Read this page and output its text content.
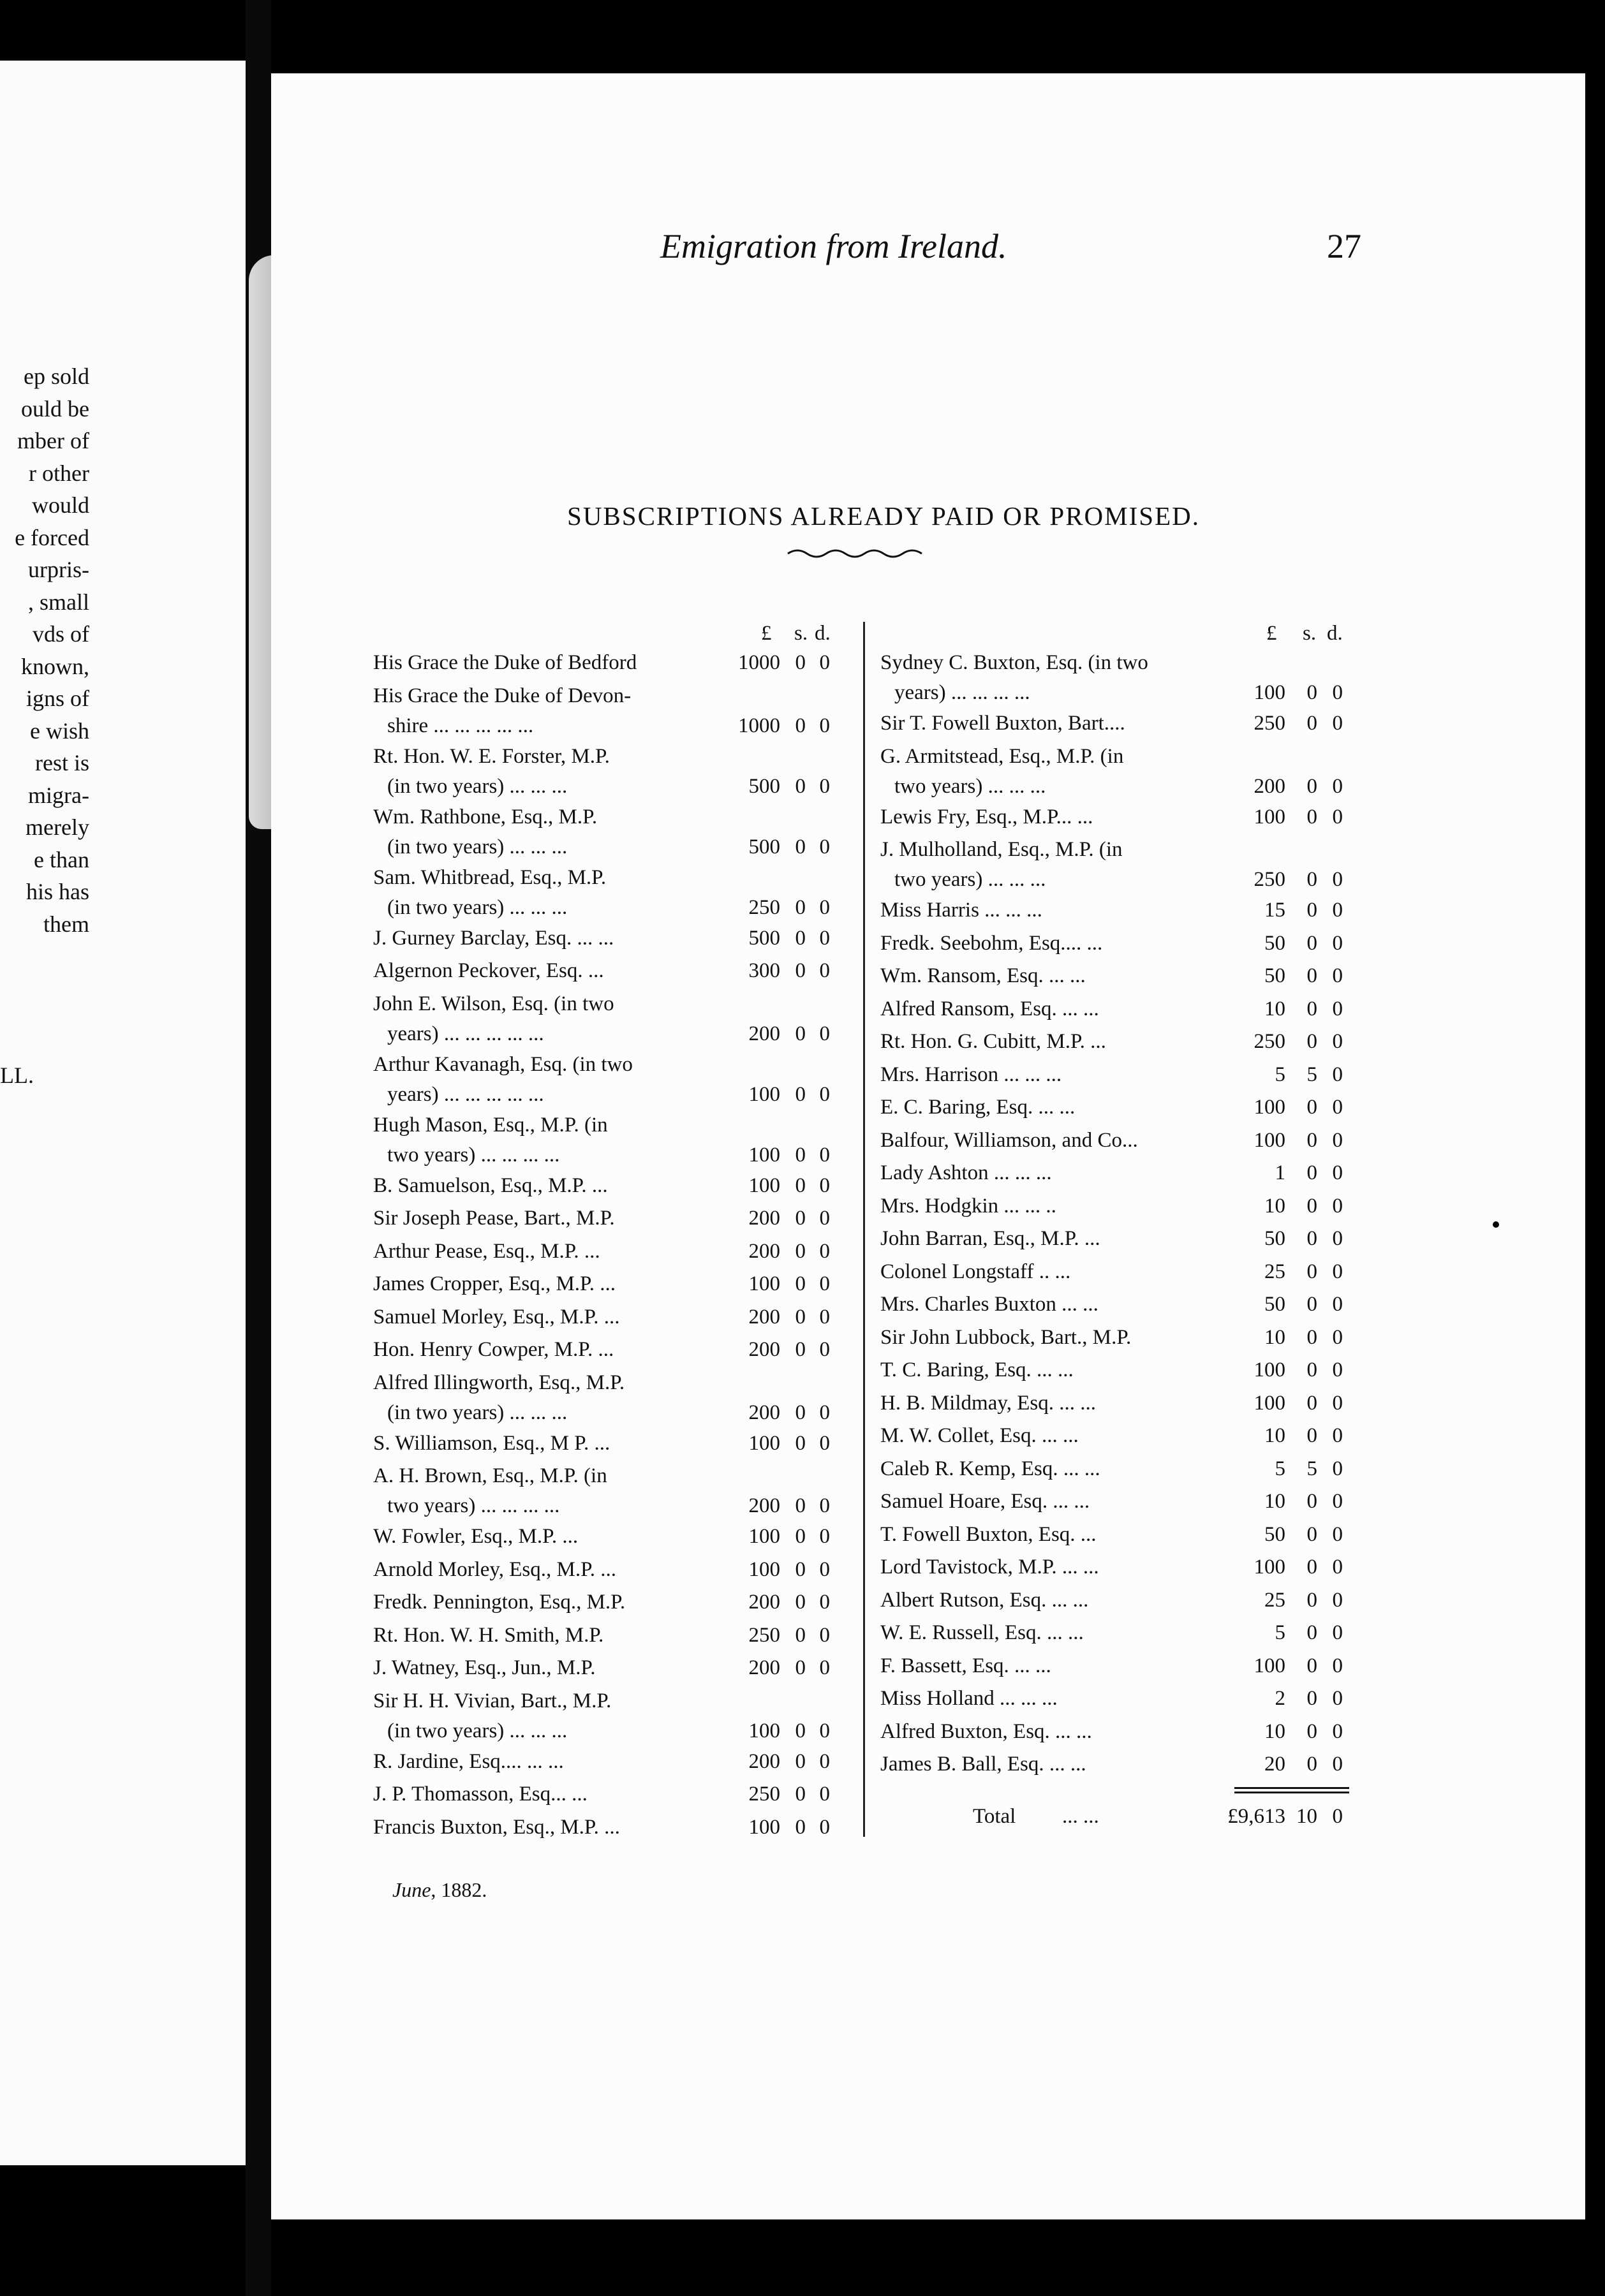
ep sold
ould be
mber of
r other
would
e forced
urpris-
, small
vds of
known,
igns of
e wish
rest is
migra-
merely
e than
his has
them
LL.
Emigration from Ireland.	27
SUBSCRIPTIONS ALREADY PAID OR PROMISED.
£ s. d.
His Grace the Duke of Bedford	1000 0 0
His Grace the Duke of Devon-
shire ... ... ... ... ...	1000 0 0
Rt. Hon. W. E. Forster, M.P.
(in two years) ... ... ...	500 0 0
Wm. Rathbone, Esq., M.P.
(in two years) ... ... ...	500 0 0
Sam. Whitbread, Esq., M.P.
(in two years) ... ... ...	250 0 0
J. Gurney Barclay, Esq. ... ...	500 0 0
Algernon Peckover, Esq. ...	300 0 0
John E. Wilson, Esq. (in two
years) ... ... ... ... ...	200 0 0
Arthur Kavanagh, Esq. (in two
years) ... ... ... ... ...	100 0 0
Hugh Mason, Esq., M.P. (in
two years) ... ... ... ...	100 0 0
B. Samuelson, Esq., M.P. ...	100 0 0
Sir Joseph Pease, Bart., M.P.	200 0 0
Arthur Pease, Esq., M.P. ...	200 0 0
James Cropper, Esq., M.P. ...	100 0 0
Samuel Morley, Esq., M.P. ...	200 0 0
Hon. Henry Cowper, M.P. ...	200 0 0
Alfred Illingworth, Esq., M.P.
(in two years) ... ... ...	200 0 0
S. Williamson, Esq., M P. ...	100 0 0
A. H. Brown, Esq., M.P. (in
two years) ... ... ... ...	200 0 0
W. Fowler, Esq., M.P. ...	100 0 0
Arnold Morley, Esq., M.P. ...	100 0 0
Fredk. Pennington, Esq., M.P.	200 0 0
Rt. Hon. W. H. Smith, M.P.	250 0 0
J. Watney, Esq., Jun., M.P.	200 0 0
Sir H. H. Vivian, Bart., M.P.
(in two years) ... ... ...	100 0 0
R. Jardine, Esq.... ... ...	200 0 0
J. P. Thomasson, Esq... ...	250 0 0
Francis Buxton, Esq., M.P. ...	100 0 0
£ s. d.
Sydney C. Buxton, Esq. (in two
years) ... ... ... ...	100	0 0
Sir T. Fowell Buxton, Bart....	250	0 0
G. Armitstead, Esq., M.P. (in
two years) ... ... ...	200	0 0
Lewis Fry, Esq., M.P... ...	100	0 0
J. Mulholland, Esq., M.P. (in
two years) ... ... ...	250	0 0
Miss Harris ... ... ...	15	0 0
Fredk. Seebohm, Esq.... ...	50	0 0
Wm. Ransom, Esq. ... ...	50	0 0
Alfred Ransom, Esq. ... ...	10	0 0
Rt. Hon. G. Cubitt, M.P. ...	250	0 0
Mrs. Harrison ... ... ...	5	5 0
E. C. Baring, Esq. ... ...	100	0 0
Balfour, Williamson, and Co...	100	0 0
Lady Ashton ... ... ...	1	0 0
Mrs. Hodgkin ... ... ..	10	0 0
John Barran, Esq., M.P. ...	50	0 0
Colonel Longstaff .. ...	25	0 0
Mrs. Charles Buxton ... ...	50	0 0
Sir John Lubbock, Bart., M.P.	10	0 0
T. C. Baring, Esq. ... ...	100	0 0
H. B. Mildmay, Esq. ... ...	100	0 0
M. W. Collet, Esq. ... ...	10	0 0
Caleb R. Kemp, Esq. ... ...	5	5 0
Samuel Hoare, Esq. ... ...	10	0 0
T. Fowell Buxton, Esq. ...	50	0 0
Lord Tavistock, M.P. ... ...	100	0 0
Albert Rutson, Esq. ... ...	25	0 0
W. E. Russell, Esq. ... ...	5	0 0
F. Bassett, Esq. ... ...	100	0 0
Miss Holland ... ... ...	2	0 0
Alfred Buxton, Esq. ... ...	10	0 0
James B. Ball, Esq. ... ...	20	0 0
Total ... ...	£9,613 10 0
June, 1882.
